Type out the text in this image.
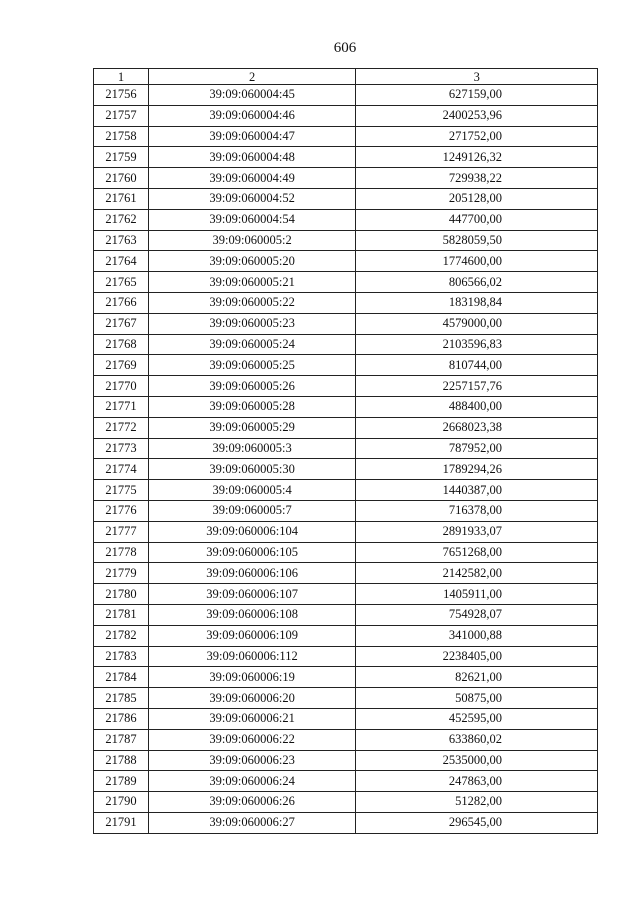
606
1	2	3
21756	39:09:060004:45	627159,00
21757	39:09:060004:46	2400253,96
21758	39:09:060004:47	271752,00
21759	39:09:060004:48	1249126,32
21760	39:09:060004:49	729938,22
21761	39:09:060004:52	205128,00
21762	39:09:060004:54	447700,00
21763	39:09:060005:2	5828059,50
21764	39:09:060005:20	1774600,00
21765	39:09:060005:21	806566,02
21766	39:09:060005:22	183198,84
21767	39:09:060005:23	4579000,00
21768	39:09:060005:24	2103596,83
21769	39:09:060005:25	810744,00
21770	39:09:060005:26	2257157,76
21771	39:09:060005:28	488400,00
21772	39:09:060005:29	2668023,38
21773	39:09:060005:3	787952,00
21774	39:09:060005:30	1789294,26
21775	39:09:060005:4	1440387,00
21776	39:09:060005:7	716378,00
21777	39:09:060006:104	2891933,07
21778	39:09:060006:105	7651268,00
21779	39:09:060006:106	2142582,00
21780	39:09:060006:107	1405911,00
21781	39:09:060006:108	754928,07
21782	39:09:060006:109	341000,88
21783	39:09:060006:112	2238405,00
21784	39:09:060006:19	82621,00
21785	39:09:060006:20	50875,00
21786	39:09:060006:21	452595,00
21787	39:09:060006:22	633860,02
21788	39:09:060006:23	2535000,00
21789	39:09:060006:24	247863,00
21790	39:09:060006:26	51282,00
21791	39:09:060006:27	296545,00
